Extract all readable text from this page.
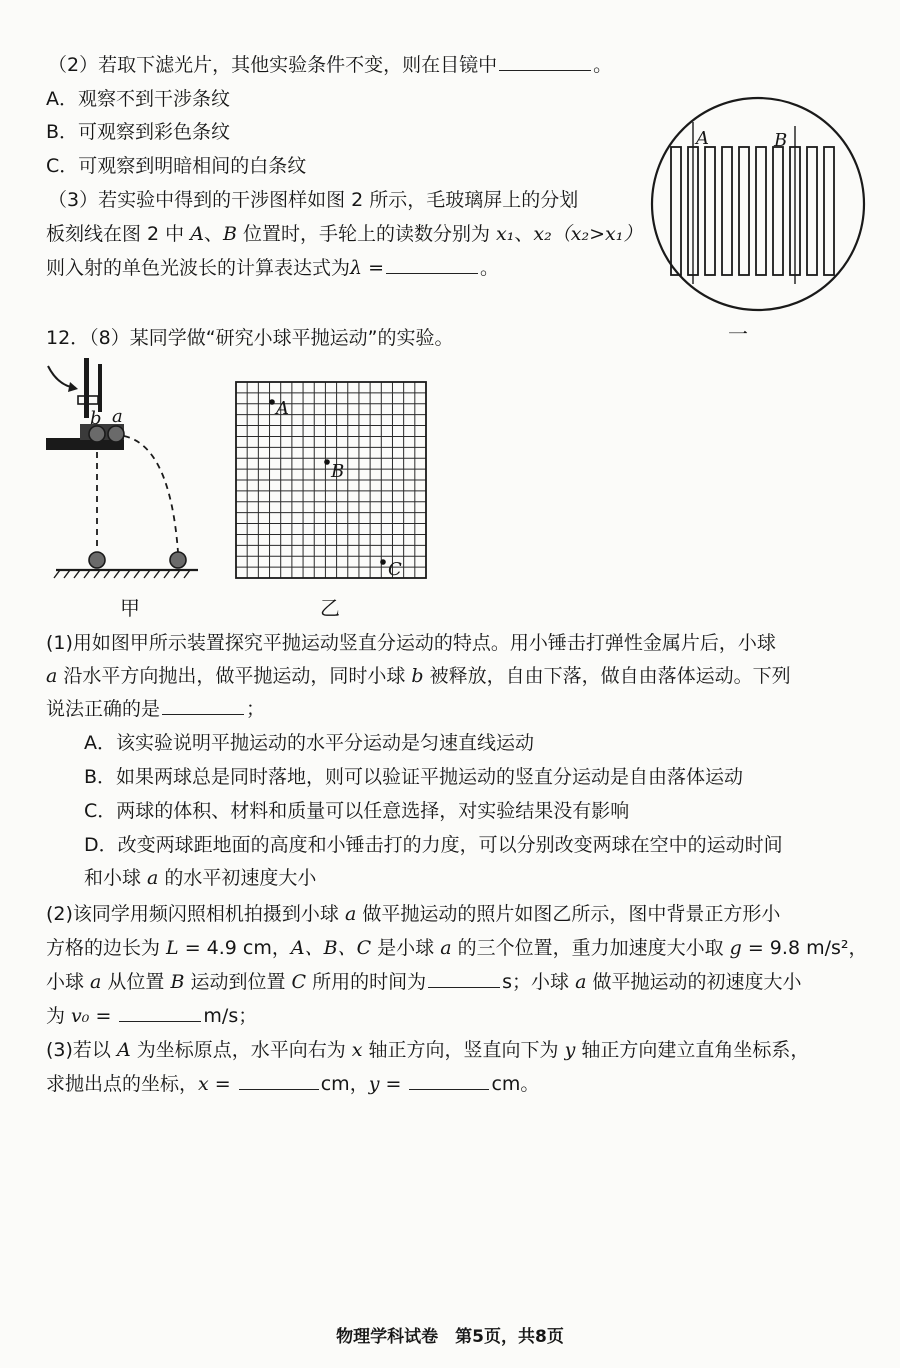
（2）若取下滤光片，其他实验条件不变，则在目镜中	。
A．观察不到干涉条纹
B．可观察到彩色条纹
C．可观察到明暗相间的白条纹
（3）若实验中得到的干涉图样如图 2 所示，毛玻璃屏上的分划
板刻线在图 2 中 A、B 位置时，手轮上的读数分别为 x₁、x₂（x₂>x₁）
则入射的单色光波长的计算表达式为λ =	。
A	B
一
12．（8）某同学做“研究小球平抛运动”的实验。
b a
甲
A
B
C
乙
(1)用如图甲所示装置探究平抛运动竖直分运动的特点。用小锤击打弹性金属片后，小球
a 沿水平方向抛出，做平抛运动，同时小球 b 被释放，自由下落，做自由落体运动。下列
说法正确的是	；
A．该实验说明平抛运动的水平分运动是匀速直线运动
B．如果两球总是同时落地，则可以验证平抛运动的竖直分运动是自由落体运动
C．两球的体积、材料和质量可以任意选择，对实验结果没有影响
D．改变两球距地面的高度和小锤击打的力度，可以分别改变两球在空中的运动时间
和小球 a 的水平初速度大小
(2)该同学用频闪照相机拍摄到小球 a 做平抛运动的照片如图乙所示，图中背景正方形小
方格的边长为 L = 4.9 cm，A、B、C 是小球 a 的三个位置，重力加速度大小取 g = 9.8 m/s²，
小球 a 从位置 B 运动到位置 C 所用的时间为	s；小球 a 做平抛运动的初速度大小
为 v₀ =	m/s；
(3)若以 A 为坐标原点，水平向右为 x 轴正方向，竖直向下为 y 轴正方向建立直角坐标系，
求抛出点的坐标，x =	cm，y =	cm。
物理学科试卷　第5页，共8页
